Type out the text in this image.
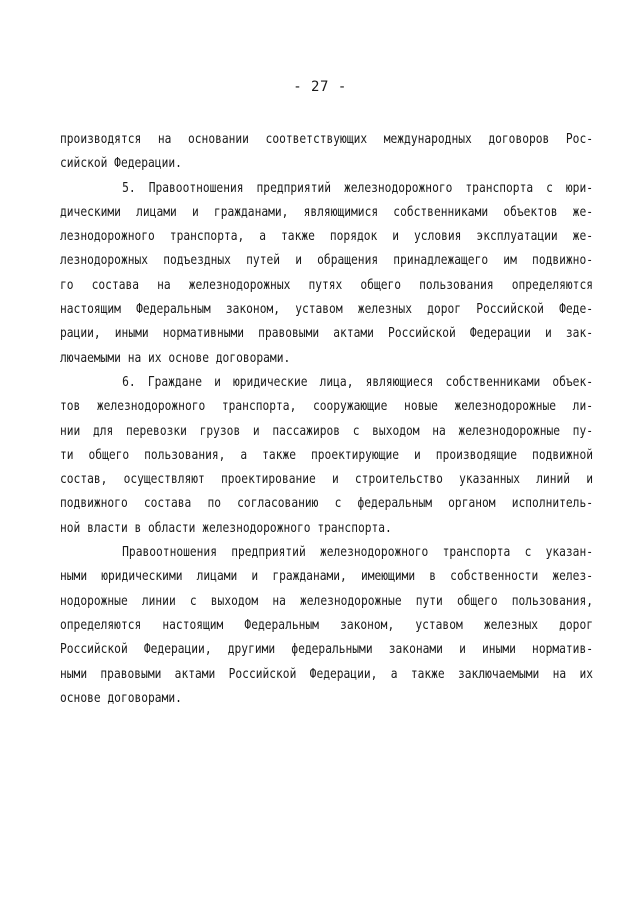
- 27 -
производятся на основании соответствующих международных договоров Рос-
сийской Федерации.
5. Правоотношения предприятий железнодорожного транспорта с юри-
дическими лицами и гражданами, являющимися собственниками объектов же-
лезнодорожного транспорта, а также порядок и условия эксплуатации же-
лезнодорожных подъездных путей и обращения принадлежащего им подвижно-
го состава на железнодорожных путях общего пользования определяются
настоящим Федеральным законом, уставом железных дорог Российской Феде-
рации, иными нормативными правовыми актами Российской Федерации и зак-
лючаемыми на их основе договорами.
6. Граждане и юридические лица, являющиеся собственниками объек-
тов железнодорожного транспорта, сооружающие новые железнодорожные ли-
нии для перевозки грузов и пассажиров с выходом на железнодорожные пу-
ти общего пользования, а также проектирующие и производящие подвижной
состав, осуществляют проектирование и строительство указанных линий и
подвижного состава по согласованию с федеральным органом исполнитель-
ной власти в области железнодорожного транспорта.
Правоотношения предприятий железнодорожного транспорта с указан-
ными юридическими лицами и гражданами, имеющими в собственности желез-
нодорожные линии с выходом на железнодорожные пути общего пользования,
определяются настоящим Федеральным законом, уставом железных дорог
Российской Федерации, другими федеральными законами и иными норматив-
ными правовыми актами Российской Федерации, а также заключаемыми на их
основе договорами.
